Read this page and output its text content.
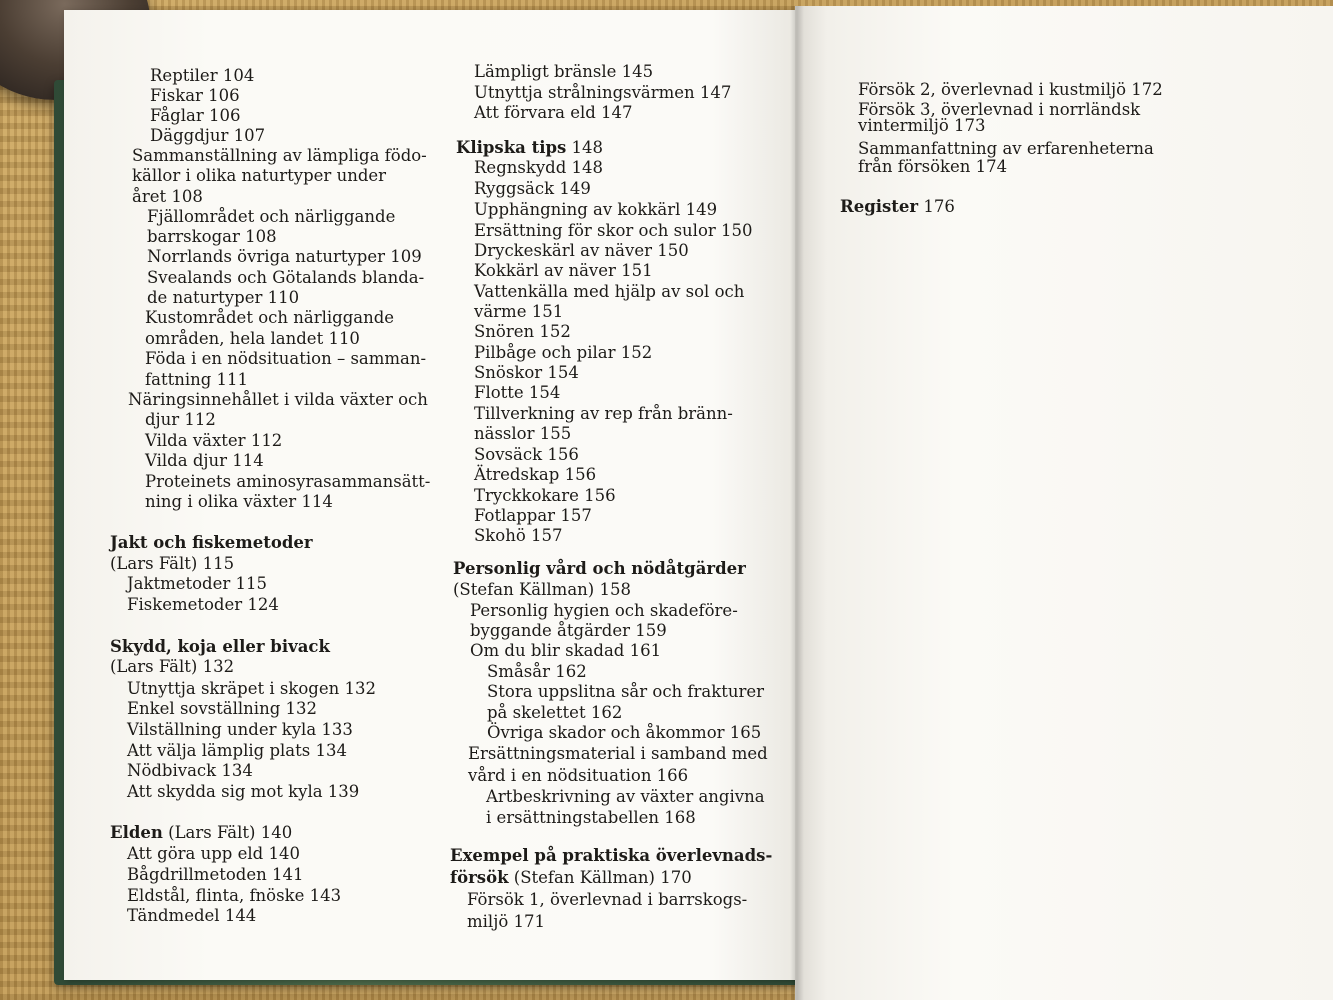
Reptiler 104
Fiskar 106
Fåglar 106
Däggdjur 107
Sammanställning av lämpliga födo-
källor i olika naturtyper under
året 108
Fjällområdet och närliggande
barrskogar 108
Norrlands övriga naturtyper 109
Svealands och Götalands blanda-
de naturtyper 110
Kustområdet och närliggande
områden, hela landet 110
Föda i en nödsituation – samman-
fattning 111
Näringsinnehållet i vilda växter och
djur 112
Vilda växter 112
Vilda djur 114
Proteinets aminosyrasammansätt-
ning i olika växter 114
Jakt och fiskemetoder
(Lars Fält) 115
Jaktmetoder 115
Fiskemetoder 124
Skydd, koja eller bivack
(Lars Fält) 132
Utnyttja skräpet i skogen 132
Enkel sovställning 132
Vilställning under kyla 133
Att välja lämplig plats 134
Nödbivack 134
Att skydda sig mot kyla 139
Elden (Lars Fält) 140
Att göra upp eld 140
Bågdrillmetoden 141
Eldstål, flinta, fnöske 143
Tändmedel 144
Lämpligt bränsle 145
Utnyttja strålningsvärmen 147
Att förvara eld 147
Klipska tips 148
Regnskydd 148
Ryggsäck 149
Upphängning av kokkärl 149
Ersättning för skor och sulor 150
Dryckeskärl av näver 150
Kokkärl av näver 151
Vattenkälla med hjälp av sol och
värme 151
Snören 152
Pilbåge och pilar 152
Snöskor 154
Flotte 154
Tillverkning av rep från bränn-
nässlor 155
Sovsäck 156
Ätredskap 156
Tryckkokare 156
Fotlappar 157
Skohö 157
Personlig vård och nödåtgärder
(Stefan Källman) 158
Personlig hygien och skadeföre-
byggande åtgärder 159
Om du blir skadad 161
Småsår 162
Stora uppslitna sår och frakturer
på skelettet 162
Övriga skador och åkommor 165
Ersättningsmaterial i samband med
vård i en nödsituation 166
Artbeskrivning av växter angivna
i ersättningstabellen 168
Exempel på praktiska överlevnads-
försök (Stefan Källman) 170
Försök 1, överlevnad i barrskogs-
miljö 171
Försök 2, överlevnad i kustmiljö 172
Försök 3, överlevnad i norrländsk
vintermiljö 173
Sammanfattning av erfarenheterna
från försöken 174
Register 176
